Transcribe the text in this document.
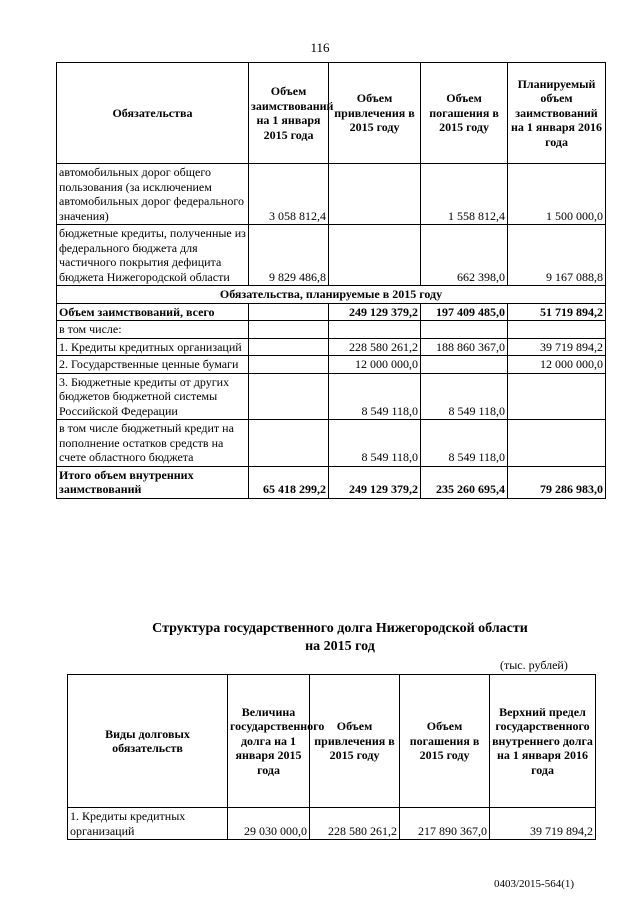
116
Обязательства	Объем заимствований на 1 января 2015 года	Объем привлечения в 2015 году	Объем погашения в 2015 году	Планируемый объем заимствований на 1 января 2016 года
автомобильных дорог общего пользования (за исключением автомобильных дорог федерального значения)	3 058 812,4		1 558 812,4	1 500 000,0
бюджетные кредиты, полученные из федерального бюджета для частичного покрытия дефицита бюджета Нижегородской области	9 829 486,8		662 398,0	9 167 088,8
Обязательства, планируемые в 2015 году				
Объем заимствований, всего		249 129 379,2	197 409 485,0	51 719 894,2
в том числе:				
1. Кредиты кредитных организаций		228 580 261,2	188 860 367,0	39 719 894,2
2. Государственные ценные бумаги		12 000 000,0		12 000 000,0
3. Бюджетные кредиты от других бюджетов бюджетной системы Российской Федерации		8 549 118,0	8 549 118,0	
в том числе бюджетный кредит на пополнение остатков средств на счете областного бюджета		8 549 118,0	8 549 118,0	
Итого объем внутренних заимствований	65 418 299,2	249 129 379,2	235 260 695,4	79 286 983,0
Структура государственного долга Нижегородской области
на 2015 год
(тыс. рублей)
Виды долговых обязательств	Величина государственного долга на 1 января 2015 года	Объем привлечения в 2015 году	Объем погашения в 2015 году	Верхний предел государственного внутреннего долга на 1 января 2016 года
1. Кредиты кредитных организаций	29 030 000,0	228 580 261,2	217 890 367,0	39 719 894,2
0403/2015-564(1)
